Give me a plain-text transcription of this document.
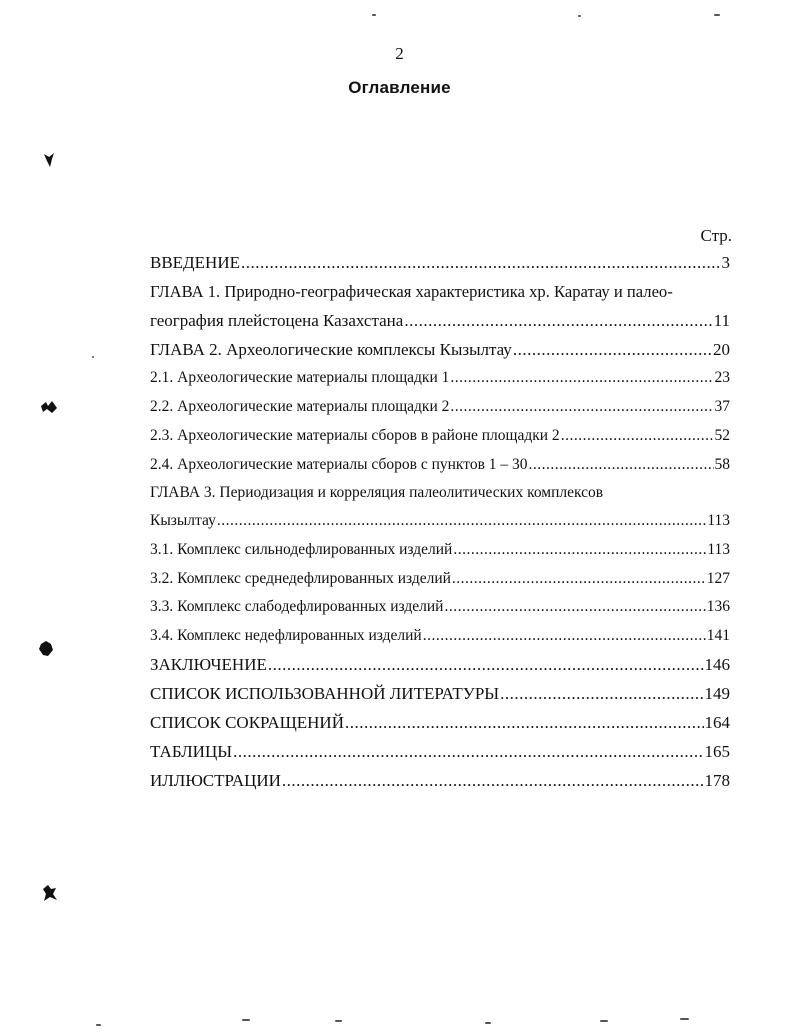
2
Оглавление
Стр.
ВВЕДЕНИЕ .....	3
ГЛАВА 1. Природно-географическая характеристика хр. Каратау и палео-
география плейстоцена Казахстана .....	11
ГЛАВА 2. Археологические комплексы Кызылтау .....	20
2.1. Археологические материалы площадки 1 .....	23
2.2. Археологические материалы площадки 2 .....	37
2.3. Археологические материалы сборов в районе площадки 2 .....	52
2.4. Археологические материалы сборов с пунктов 1 – 30 .....	58
ГЛАВА 3. Периодизация и корреляция палеолитических комплексов
Кызылтау .....	113
3.1. Комплекс сильнодефлированных изделий .....	113
3.2. Комплекс среднедефлированных изделий .....	127
3.3. Комплекс слабодефлированных изделий .....	136
3.4. Комплекс недефлированных изделий .....	141
ЗАКЛЮЧЕНИЕ .....	146
СПИСОК ИСПОЛЬЗОВАННОЙ ЛИТЕРАТУРЫ .....	149
СПИСОК СОКРАЩЕНИЙ .....	164
ТАБЛИЦЫ .....	165
ИЛЛЮСТРАЦИИ .....	178
